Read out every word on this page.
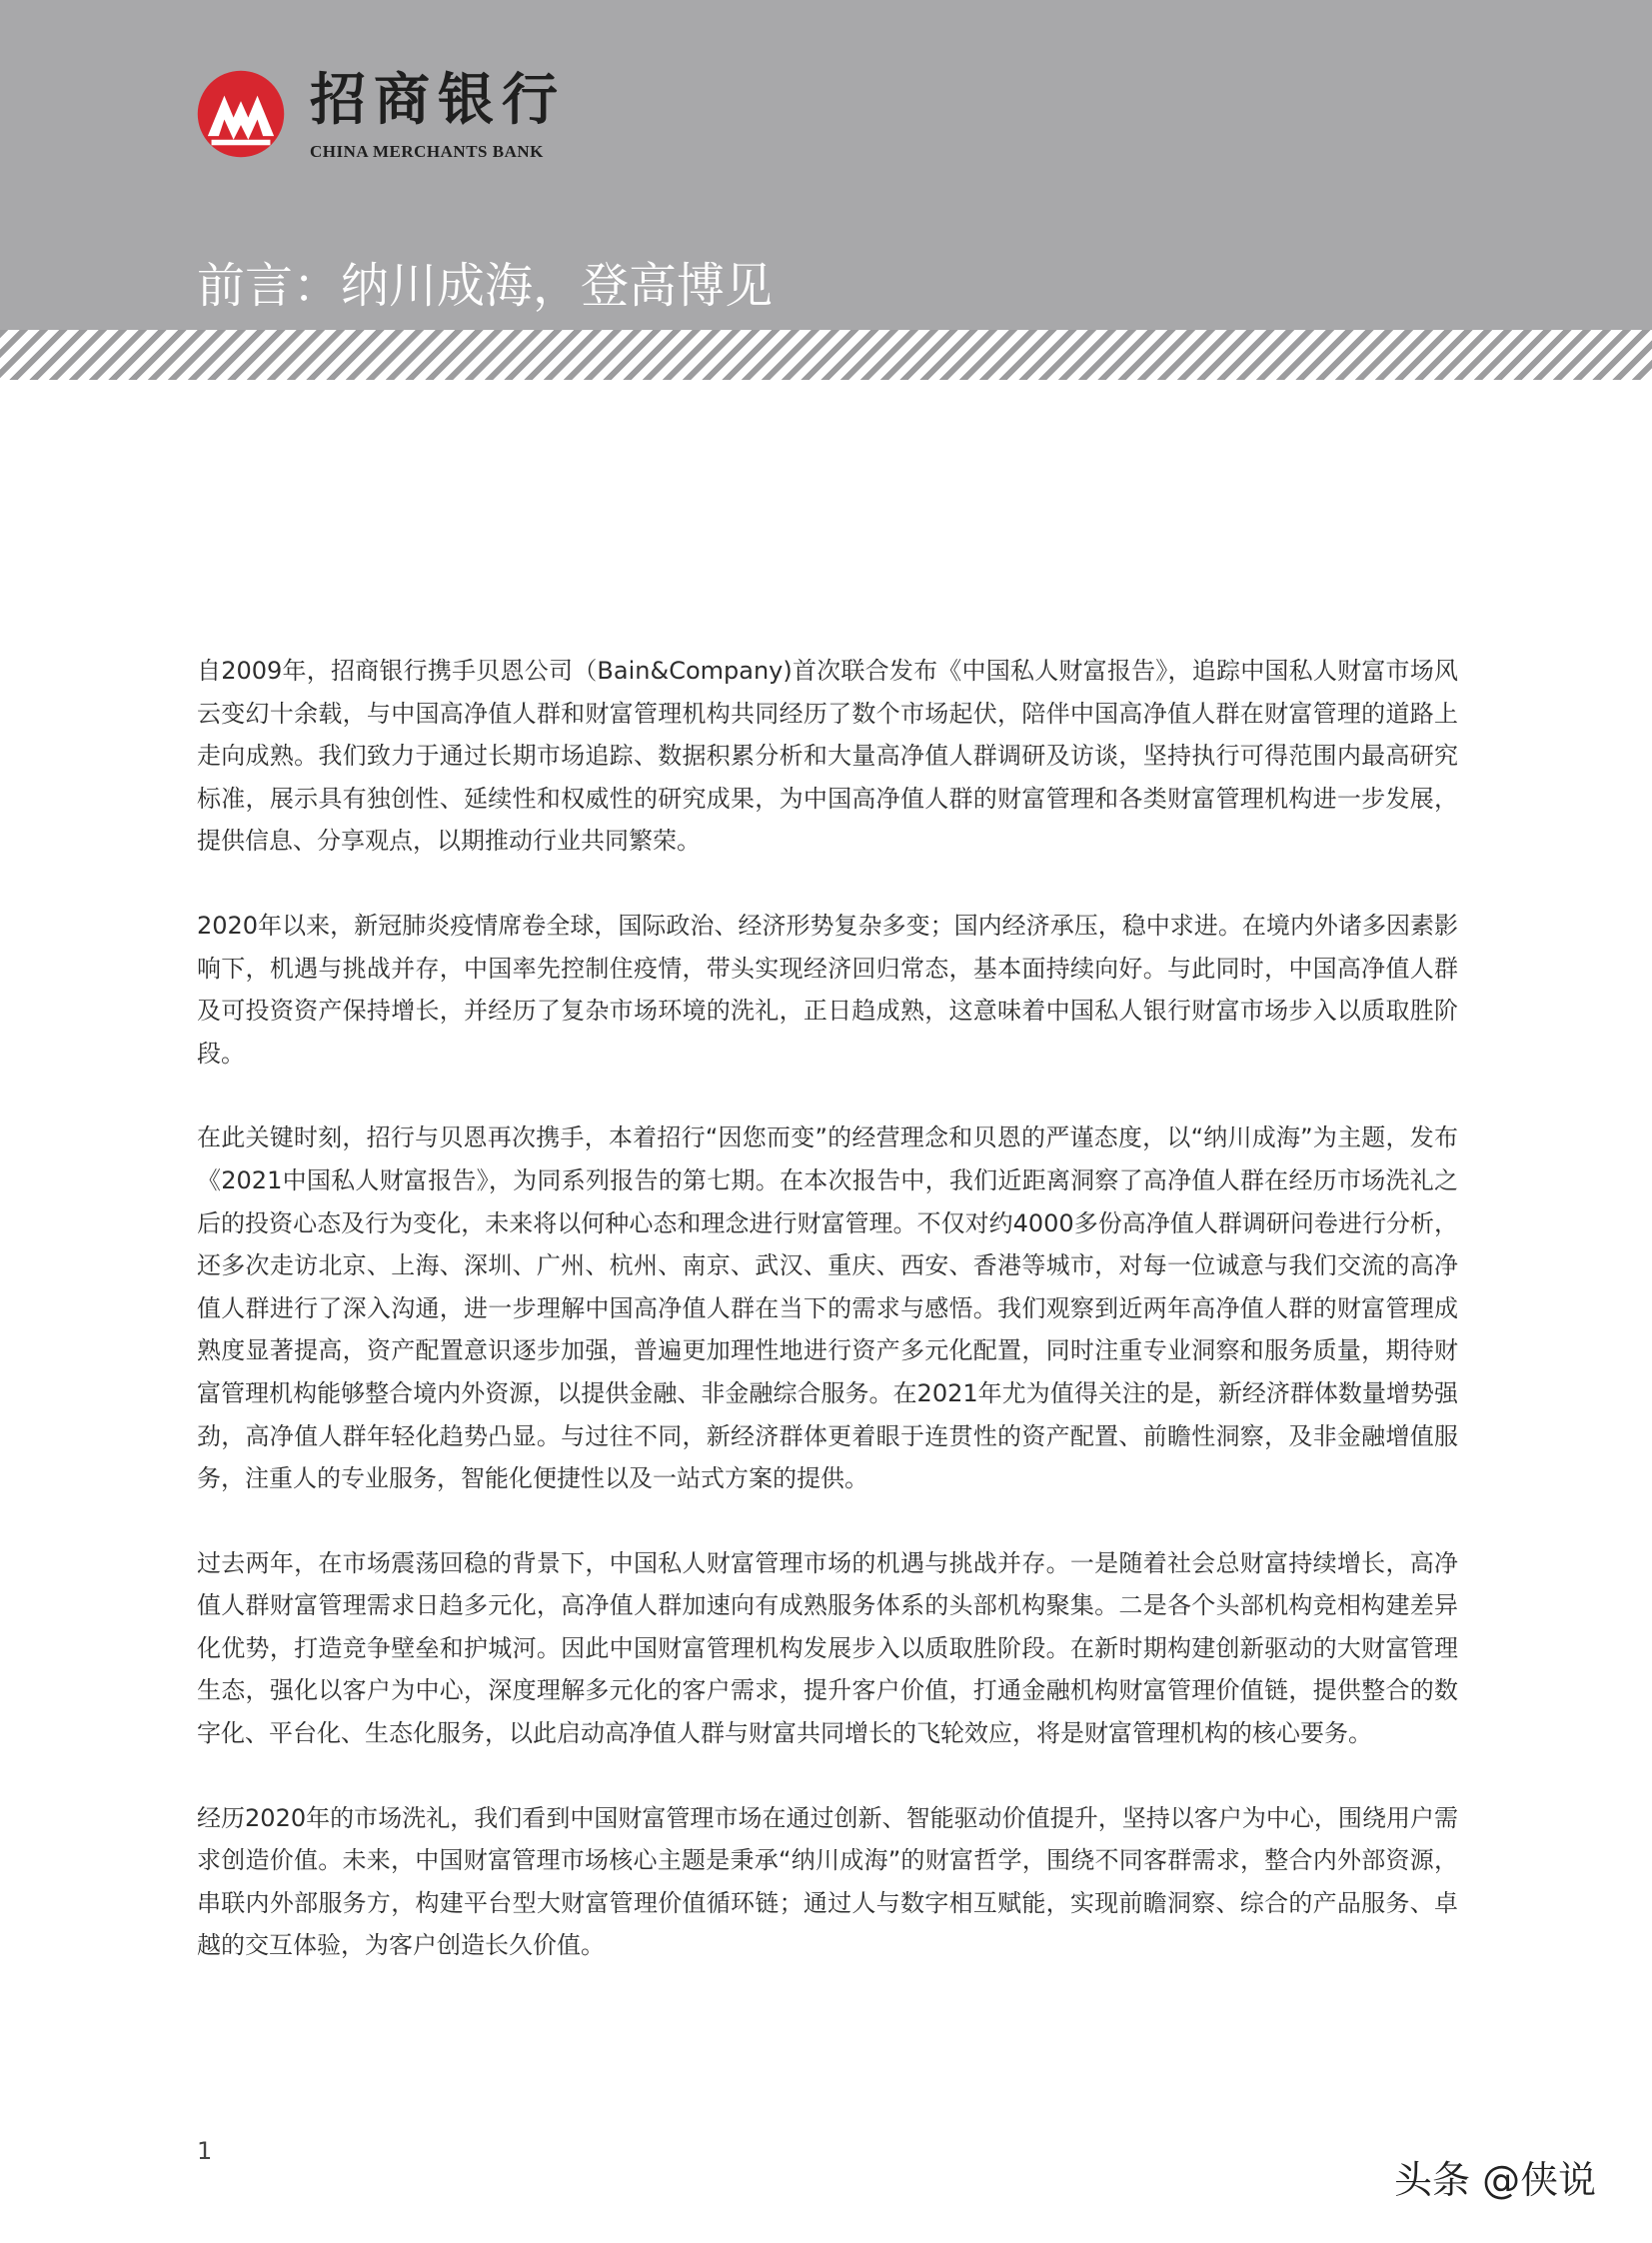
招商银行
CHINA MERCHANTS BANK
前言：纳川成海，登高博见

自2009年，招商银行携手贝恩公司（Bain&Company)首次联合发布《中国私人财富报告》，追踪中国私人财富市场风云变幻十余载，与中国高净值人群和财富管理机构共同经历了数个市场起伏，陪伴中国高净值人群在财富管理的道路上走向成熟。我们致力于通过长期市场追踪、数据积累分析和大量高净值人群调研及访谈，坚持执行可得范围内最高研究标准，展示具有独创性、延续性和权威性的研究成果，为中国高净值人群的财富管理和各类财富管理机构进一步发展，提供信息、分享观点，以期推动行业共同繁荣。

2020年以来，新冠肺炎疫情席卷全球，国际政治、经济形势复杂多变；国内经济承压，稳中求进。在境内外诸多因素影响下，机遇与挑战并存，中国率先控制住疫情，带头实现经济回归常态，基本面持续向好。与此同时，中国高净值人群及可投资资产保持增长，并经历了复杂市场环境的洗礼，正日趋成熟，这意味着中国私人银行财富市场步入以质取胜阶段。

在此关键时刻，招行与贝恩再次携手，本着招行“因您而变”的经营理念和贝恩的严谨态度，以“纳川成海”为主题，发布《2021中国私人财富报告》，为同系列报告的第七期。在本次报告中，我们近距离洞察了高净值人群在经历市场洗礼之后的投资心态及行为变化，未来将以何种心态和理念进行财富管理。不仅对约4000多份高净值人群调研问卷进行分析，还多次走访北京、上海、深圳、广州、杭州、南京、武汉、重庆、西安、香港等城市，对每一位诚意与我们交流的高净值人群进行了深入沟通，进一步理解中国高净值人群在当下的需求与感悟。我们观察到近两年高净值人群的财富管理成熟度显著提高，资产配置意识逐步加强，普遍更加理性地进行资产多元化配置，同时注重专业洞察和服务质量，期待财富管理机构能够整合境内外资源，以提供金融、非金融综合服务。在2021年尤为值得关注的是，新经济群体数量增势强劲，高净值人群年轻化趋势凸显。与过往不同，新经济群体更着眼于连贯性的资产配置、前瞻性洞察，及非金融增值服务，注重人的专业服务，智能化便捷性以及一站式方案的提供。

过去两年，在市场震荡回稳的背景下，中国私人财富管理市场的机遇与挑战并存。一是随着社会总财富持续增长，高净值人群财富管理需求日趋多元化，高净值人群加速向有成熟服务体系的头部机构聚集。二是各个头部机构竞相构建差异化优势，打造竞争壁垒和护城河。因此中国财富管理机构发展步入以质取胜阶段。在新时期构建创新驱动的大财富管理生态，强化以客户为中心，深度理解多元化的客户需求，提升客户价值，打通金融机构财富管理价值链，提供整合的数字化、平台化、生态化服务，以此启动高净值人群与财富共同增长的飞轮效应，将是财富管理机构的核心要务。

经历2020年的市场洗礼，我们看到中国财富管理市场在通过创新、智能驱动价值提升，坚持以客户为中心，围绕用户需求创造价值。未来，中国财富管理市场核心主题是秉承“纳川成海”的财富哲学，围绕不同客群需求，整合内外部资源，串联内外部服务方，构建平台型大财富管理价值循环链；通过人与数字相互赋能，实现前瞻洞察、综合的产品服务、卓越的交互体验，为客户创造长久价值。

1
头条 @侠说
